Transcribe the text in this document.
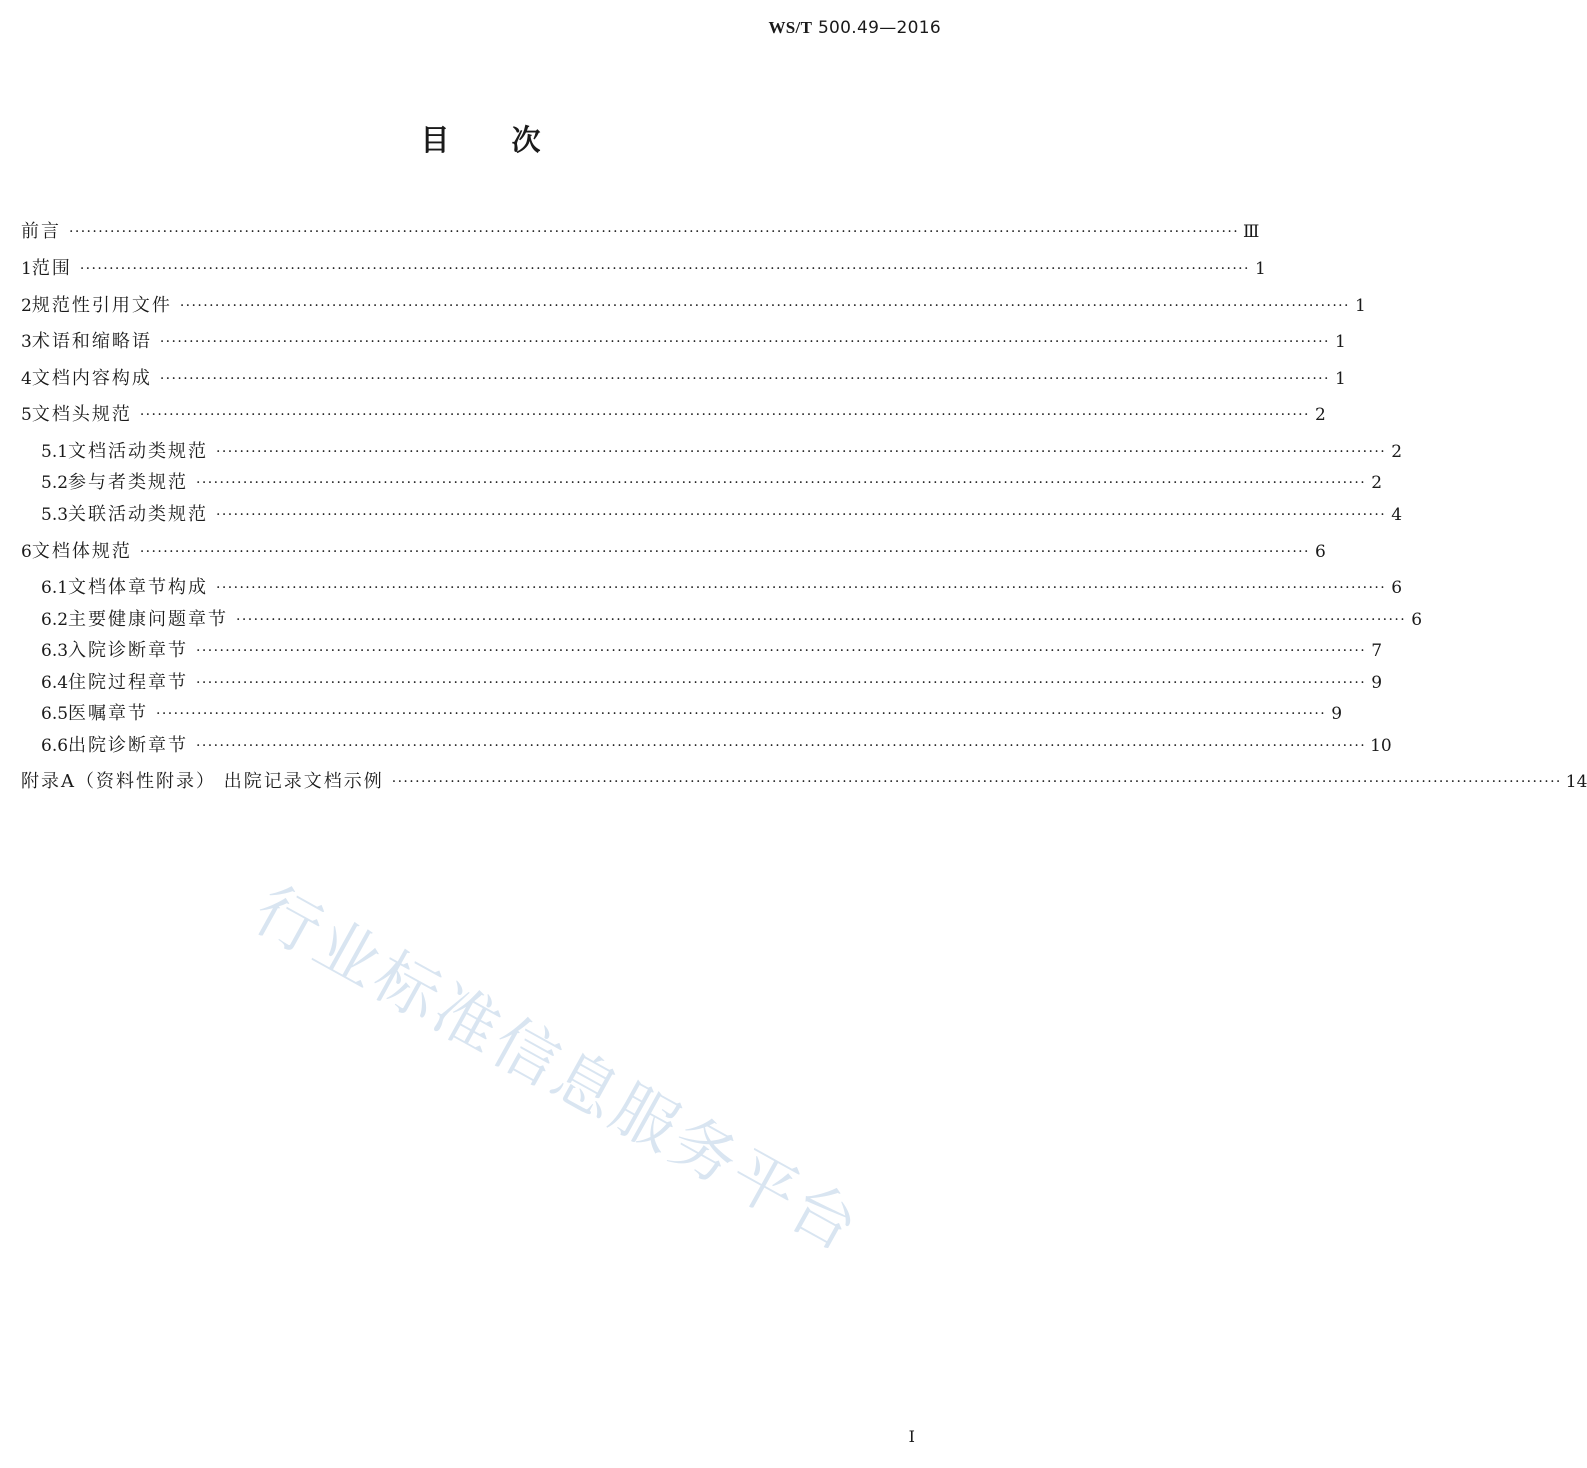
WS/T 500.49—2016
目次
前言 ········································································································································································································ Ⅲ
1 范围 ········································································································································································································ 1
2 规范性引用文件 ········································································································································································································ 1
3 术语和缩略语 ········································································································································································································ 1
4 文档内容构成 ········································································································································································································ 1
5 文档头规范 ········································································································································································································ 2
5.1 文档活动类规范 ········································································································································································································ 2
5.2 参与者类规范 ········································································································································································································ 2
5.3 关联活动类规范 ········································································································································································································ 4
6 文档体规范 ········································································································································································································ 6
6.1 文档体章节构成 ········································································································································································································ 6
6.2 主要健康问题章节 ········································································································································································································ 6
6.3 入院诊断章节 ········································································································································································································ 7
6.4 住院过程章节 ········································································································································································································ 9
6.5 医嘱章节 ········································································································································································································ 9
6.6 出院诊断章节 ········································································································································································································ 10
附录A（资料性附录） 出院记录文档示例 ········································································································································································································ 14
行业标准信息服务平台
I
